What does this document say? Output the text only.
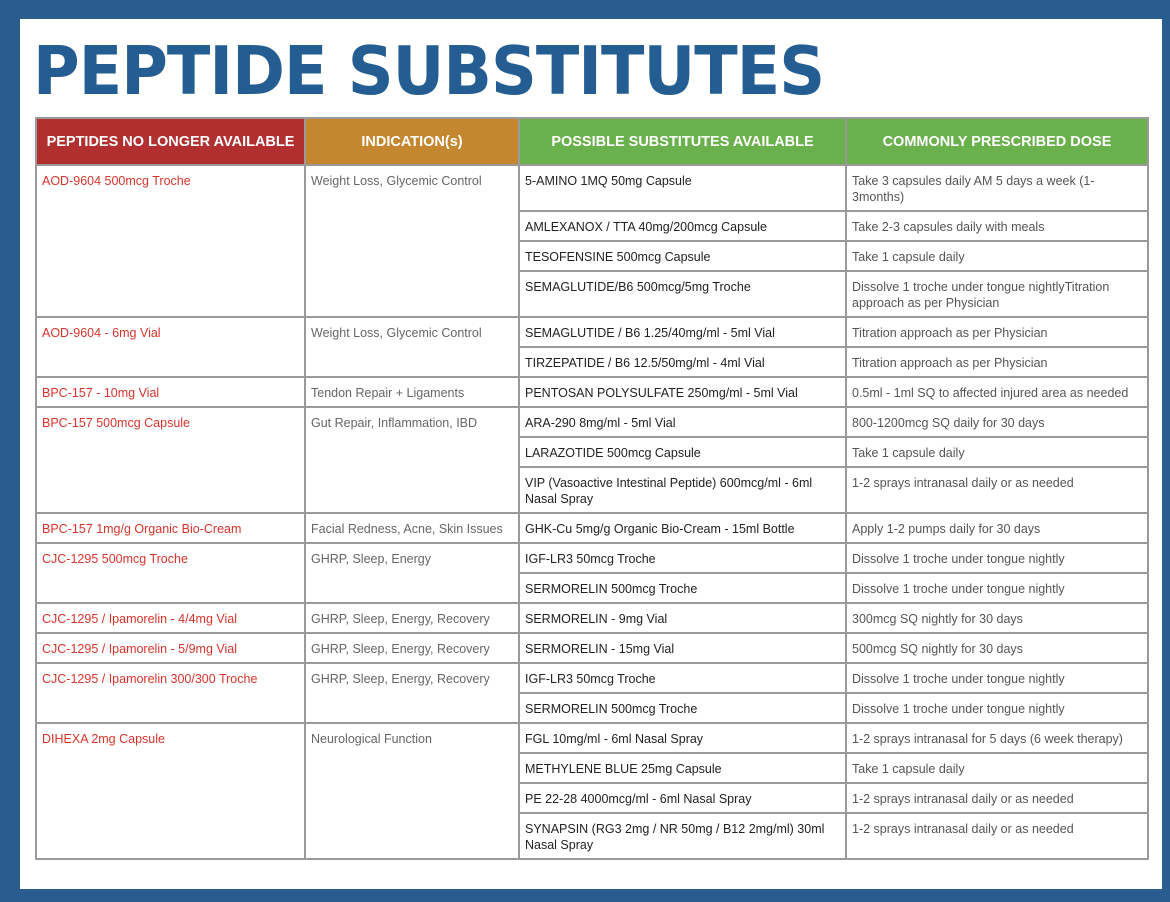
PEPTIDE SUBSTITUTES
PEPTIDES NO LONGER AVAILABLE	INDICATION(s)	POSSIBLE SUBSTITUTES AVAILABLE	COMMONLY PRESCRIBED DOSE
AOD-9604 500mcg Troche	Weight Loss, Glycemic Control	5-AMINO 1MQ 50mg Capsule	Take 3 capsules daily AM 5 days a week (1-3months)
		AMLEXANOX / TTA 40mg/200mcg Capsule	Take 2-3 capsules daily with meals
		TESOFENSINE 500mcg Capsule	Take 1 capsule daily
		SEMAGLUTIDE/B6 500mcg/5mg Troche	Dissolve 1 troche under tongue nightlyTitration approach as per Physician
AOD-9604 - 6mg Vial	Weight Loss, Glycemic Control	SEMAGLUTIDE / B6 1.25/40mg/ml - 5ml Vial	Titration approach as per Physician
		TIRZEPATIDE / B6 12.5/50mg/ml - 4ml Vial	Titration approach as per Physician
BPC-157 - 10mg Vial	Tendon Repair + Ligaments	PENTOSAN POLYSULFATE 250mg/ml - 5ml Vial	0.5ml - 1ml SQ to affected injured area as needed
BPC-157 500mcg Capsule	Gut Repair, Inflammation, IBD	ARA-290 8mg/ml - 5ml Vial	800-1200mcg SQ daily for 30 days
		LARAZOTIDE 500mcg Capsule	Take 1 capsule daily
		VIP (Vasoactive Intestinal Peptide) 600mcg/ml - 6ml Nasal Spray	1-2 sprays intranasal daily or as needed
BPC-157 1mg/g Organic Bio-Cream	Facial Redness, Acne, Skin Issues	GHK-Cu 5mg/g Organic Bio-Cream - 15ml Bottle	Apply 1-2 pumps daily for 30 days
CJC-1295 500mcg Troche	GHRP, Sleep, Energy	IGF-LR3 50mcg Troche	Dissolve 1 troche under tongue nightly
		SERMORELIN 500mcg Troche	Dissolve 1 troche under tongue nightly
CJC-1295 / Ipamorelin - 4/4mg Vial	GHRP, Sleep, Energy, Recovery	SERMORELIN - 9mg Vial	300mcg SQ nightly for 30 days
CJC-1295 / Ipamorelin - 5/9mg Vial	GHRP, Sleep, Energy, Recovery	SERMORELIN - 15mg Vial	500mcg SQ nightly for 30 days
CJC-1295 / Ipamorelin 300/300 Troche	GHRP, Sleep, Energy, Recovery	IGF-LR3 50mcg Troche	Dissolve 1 troche under tongue nightly
		SERMORELIN 500mcg Troche	Dissolve 1 troche under tongue nightly
DIHEXA 2mg Capsule	Neurological Function	FGL 10mg/ml - 6ml Nasal Spray	1-2 sprays intranasal for 5 days (6 week therapy)
		METHYLENE BLUE 25mg Capsule	Take 1 capsule daily
		PE 22-28 4000mcg/ml - 6ml Nasal Spray	1-2 sprays intranasal daily or as needed
		SYNAPSIN (RG3 2mg / NR 50mg / B12 2mg/ml) 30ml Nasal Spray	1-2 sprays intranasal daily or as needed
